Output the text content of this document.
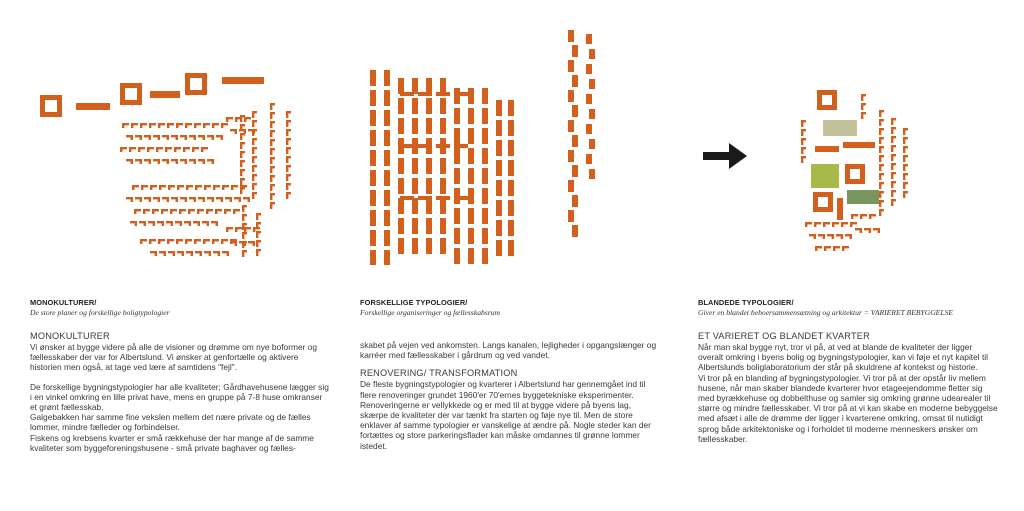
MONOKULTURER/
De store planer og forskellige boligtypologier
MONOKULTURER

Vi ønsker at bygge videre på alle de visioner og drømme om nye boformer og fællesskaber der var for Albertslund. Vi ønsker at genfortælle og aktivere historien men også, at tage ved lære af samtidens "fejl".

De forskellige bygningstypologier har alle kvaliteter; Gårdhavehusene lægger sig i en vinkel omkring en lille privat have, mens en gruppe på 7-8 huse omkranser et grønt fællesskab.

Galgebakken har samme fine vekslen mellem det nære private og de fælles lommer, mindre fælleder og forbindelser.

Fiskens og krebsens kvarter er små rækkehuse der har mange af de samme kvaliteter som byggeforeningshusene - små private baghaver og fælles-

FORSKELLIGE TYPOLOGIER/
Forskellige organiseringer og fællesskabsrum

skabet på vejen ved ankomsten. Langs kanalen, lejligheder i opgangslænger og karréer med fællesskaber i gårdrum og ved vandet.

RENOVERING/ TRANSFORMATION

De fleste bygningstypologier og kvarterer i Albertslund har gennemgået ind til flere renoveringer grundet 1960'er 70'ernes byggetekniske eksperimenter.

Renoveringerne er vellykkede og er med til at bygge videre på byens lag, skærpe de kvaliteter der var tænkt fra starten og føje nye til. Men de store enklaver af samme typologier er vanskelige at ændre på. Nogle steder kan der fortættes og store parkeringsflader kan måske omdannes til grønne lommer istedet.

BLANDEDE TYPOLOGIER/
Giver en blandet beboersammensætning og arkitektur = VARIERET BEBYGGELSE
ET VARIERET OG BLANDET KVARTER

Når man skal bygge nyt, tror vi på, at ved at blande de kvaliteter der ligger overalt omkring i byens bolig og bygningstypologier, kan vi føje et nyt kapitel til Albertslunds boliglaboratorium der står på skuldrene af kontekst og historie.

Vi tror på en blanding af bygningstypologier. Vi tror på at der opstår liv mellem husene, når man skaber blandede kvarterer hvor etageejendomme fletter sig med byrækkehuse og dobbelthuse og samler sig omkring grønne udearealer til større og mindre fællesskaber. Vi tror på at vi kan skabe en moderne bebyggelse med afsæt i alle de drømme der ligger i kvarterene omkring, omsat til nutidigt sprog både arkitektoniske og i forholdet til moderne menneskers ønsker om fællesskaber.
